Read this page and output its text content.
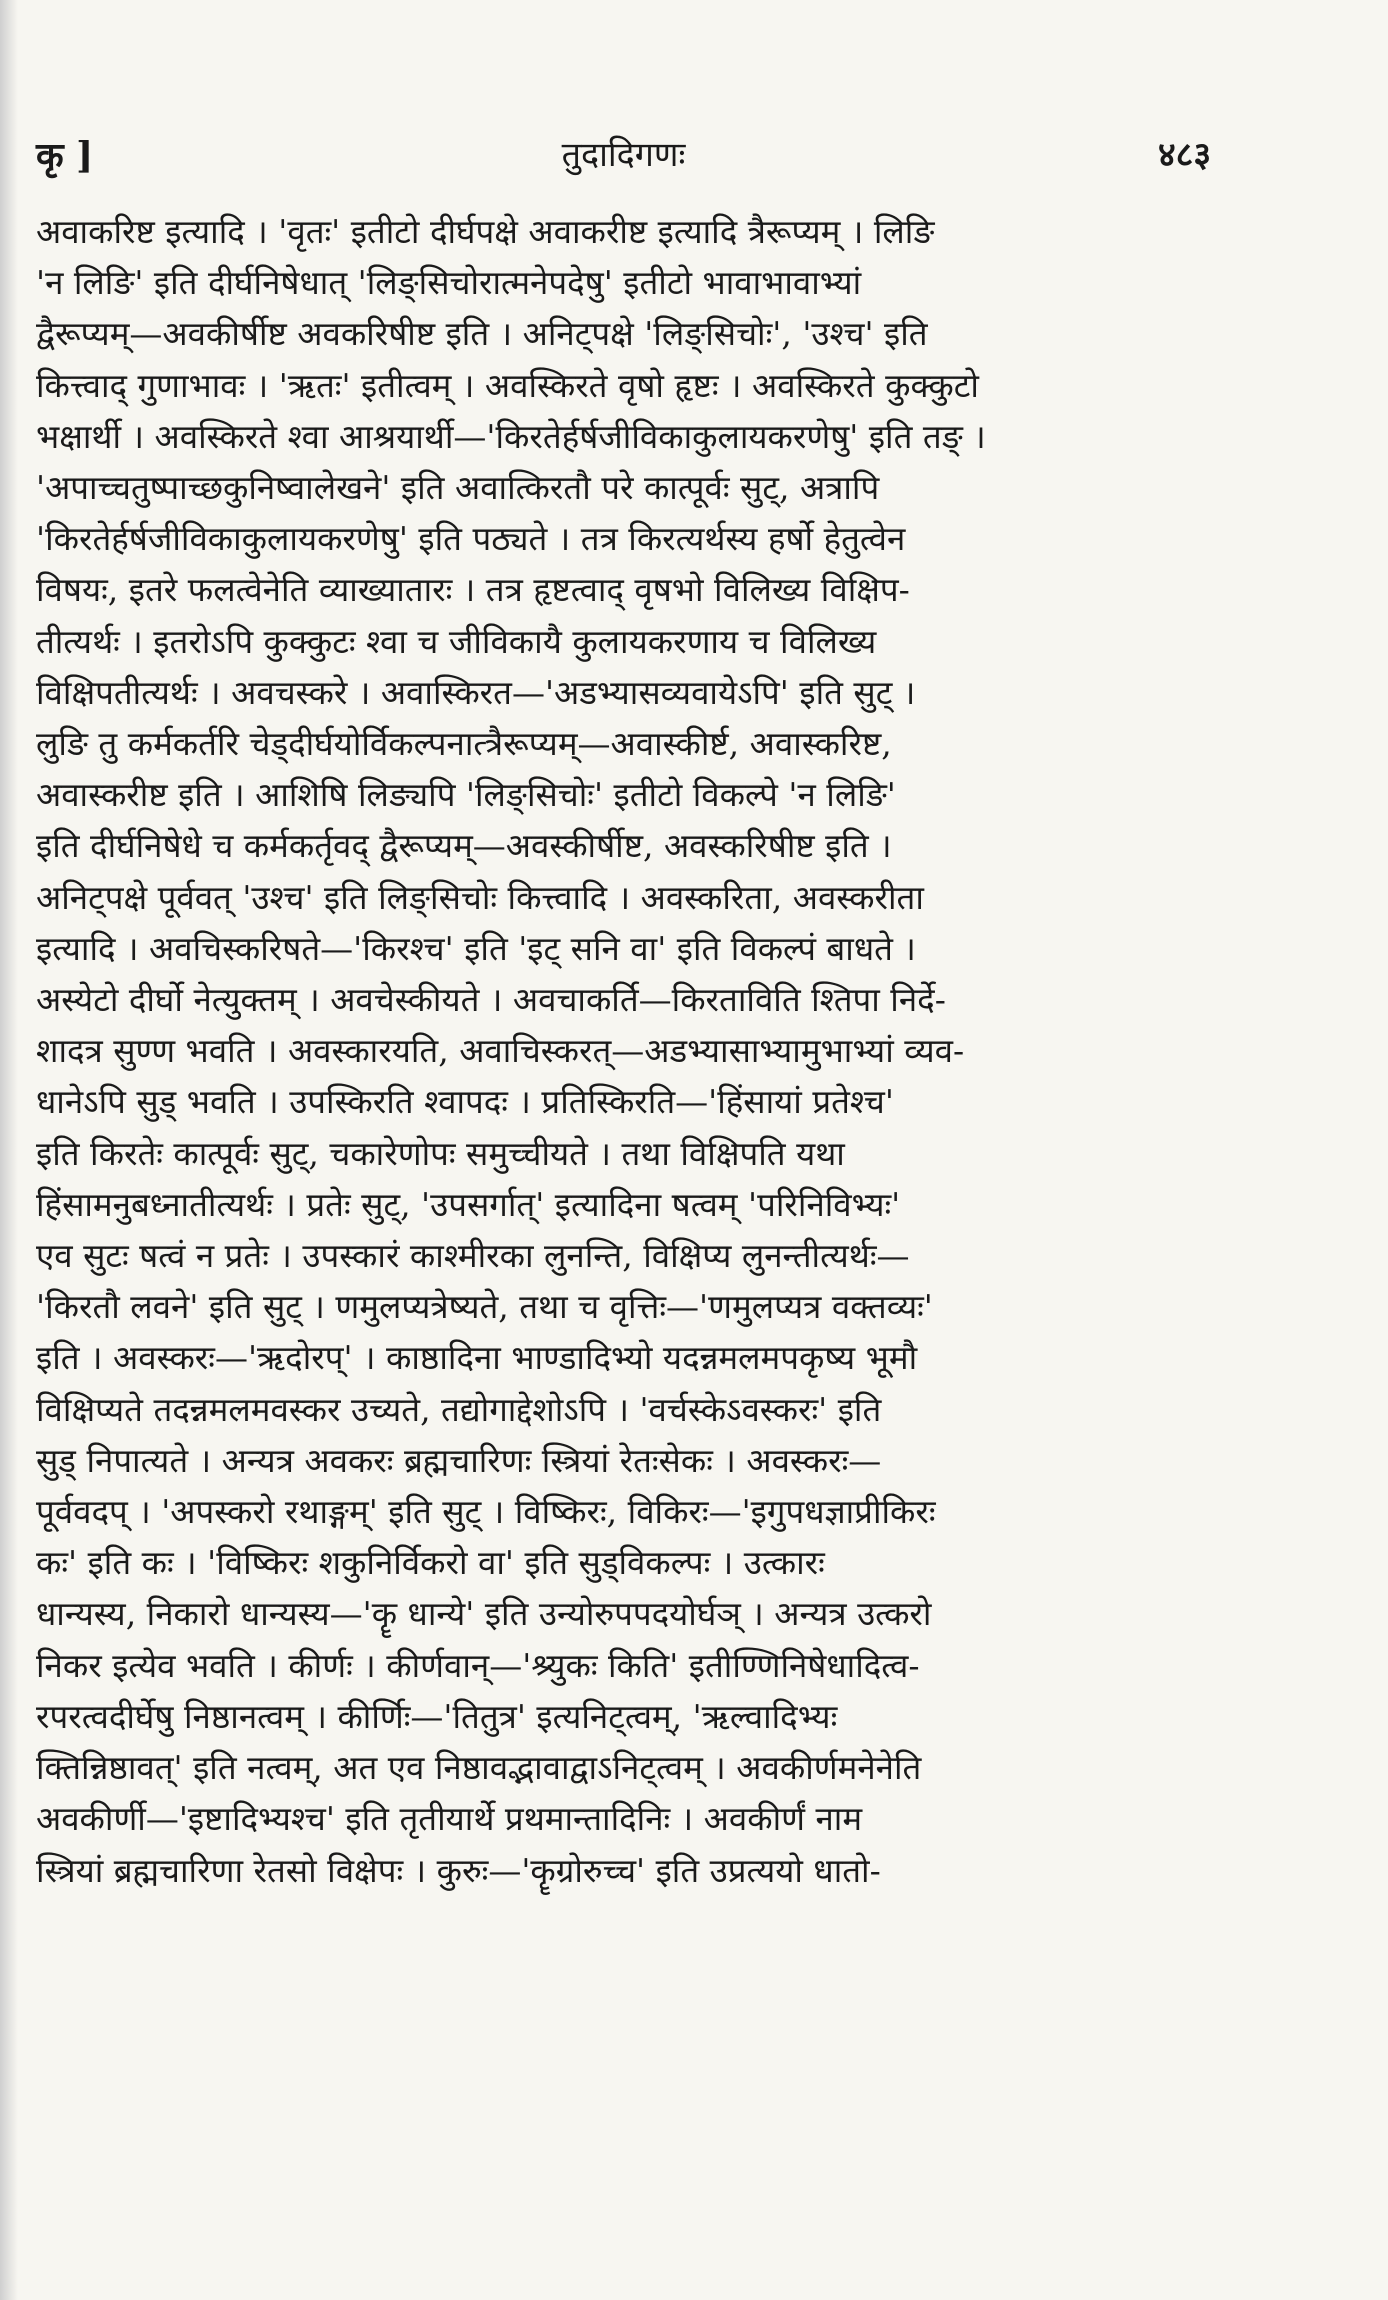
कृ ]	तुदादिगणः	४८३
अवाकरिष्ट इत्यादि । 'वृतः' इतीटो दीर्घपक्षे अवाकरीष्ट इत्यादि त्रैरूप्यम् । लिङि
'न लिङि' इति दीर्घनिषेधात् 'लिङ्सिचोरात्मनेपदेषु' इतीटो भावाभावाभ्यां
द्वैरूप्यम्—अवकीर्षीष्ट अवकरिषीष्ट इति । अनिट्पक्षे 'लिङ्सिचोः', 'उश्च' इति
कित्त्वाद् गुणाभावः । 'ऋतः' इतीत्वम् । अवस्किरते वृषो हृष्टः । अवस्किरते कुक्कुटो
भक्षार्थी । अवस्किरते श्वा आश्रयार्थी—'किरतेर्हर्षजीविकाकुलायकरणेषु' इति तङ् ।
'अपाच्चतुष्पाच्छकुनिष्वालेखने' इति अवात्किरतौ परे कात्पूर्वः सुट्, अत्रापि
'किरतेर्हर्षजीविकाकुलायकरणेषु' इति पठ्यते । तत्र किरत्यर्थस्य हर्षो हेतुत्वेन
विषयः, इतरे फलत्वेनेति व्याख्यातारः । तत्र हृष्टत्वाद् वृषभो विलिख्य विक्षिप-
तीत्यर्थः । इतरोऽपि कुक्कुटः श्वा च जीविकायै कुलायकरणाय च विलिख्य
विक्षिपतीत्यर्थः । अवचस्करे । अवास्किरत—'अडभ्यासव्यवायेऽपि' इति सुट् ।
लुङि तु कर्मकर्तरि चेड्दीर्घयोर्विकल्पनात्त्रैरूप्यम्—अवास्कीर्ष्ट, अवास्करिष्ट,
अवास्करीष्ट इति । आशिषि लिङ्यपि 'लिङ्सिचोः' इतीटो विकल्पे 'न लिङि'
इति दीर्घनिषेधे च कर्मकर्तृवद् द्वैरूप्यम्—अवस्कीर्षीष्ट, अवस्करिषीष्ट इति ।
अनिट्पक्षे पूर्ववत् 'उश्च' इति लिङ्सिचोः कित्त्वादि । अवस्करिता, अवस्करीता
इत्यादि । अवचिस्करिषते—'किरश्च' इति 'इट् सनि वा' इति विकल्पं बाधते ।
अस्येटो दीर्घो नेत्युक्तम् । अवचेस्कीयते । अवचाकर्ति—किरताविति श्तिपा निर्दे-
शादत्र सुण्ण भवति । अवस्कारयति, अवाचिस्करत्—अडभ्यासाभ्यामुभाभ्यां व्यव-
धानेऽपि सुड् भवति । उपस्किरति श्वापदः । प्रतिस्किरति—'हिंसायां प्रतेश्च'
इति किरतेः कात्पूर्वः सुट्, चकारेणोपः समुच्चीयते । तथा विक्षिपति यथा
हिंसामनुबध्नातीत्यर्थः । प्रतेः सुट्, 'उपसर्गात्' इत्यादिना षत्वम् 'परिनिविभ्यः'
एव सुटः षत्वं न प्रतेः । उपस्कारं काश्मीरका लुनन्ति, विक्षिप्य लुनन्तीत्यर्थः—
'किरतौ लवने' इति सुट् । णमुलप्यत्रेष्यते, तथा च वृत्तिः—'णमुलप्यत्र वक्तव्यः'
इति । अवस्करः—'ऋदोरप्' । काष्ठादिना भाण्डादिभ्यो यदन्नमलमपकृष्य भूमौ
विक्षिप्यते तदन्नमलमवस्कर उच्यते, तद्योगाद्देशोऽपि । 'वर्चस्केऽवस्करः' इति
सुड् निपात्यते । अन्यत्र अवकरः ब्रह्मचारिणः स्त्रियां रेतःसेकः । अवस्करः—
पूर्ववदप् । 'अपस्करो रथाङ्गम्' इति सुट् । विष्किरः, विकिरः—'इगुपधज्ञाप्रीकिरः
कः' इति कः । 'विष्किरः शकुनिर्विकरो वा' इति सुड्विकल्पः । उत्कारः
धान्यस्य, निकारो धान्यस्य—'कॄ धान्ये' इति उन्योरुपपदयोर्घञ् । अन्यत्र उत्करो
निकर इत्येव भवति । कीर्णः । कीर्णवान्—'श्र्युकः किति' इतीण्णिनिषेधादित्व-
रपरत्वदीर्घेषु निष्ठानत्वम् । कीर्णिः—'तितुत्र' इत्यनिट्त्वम्, 'ऋल्वादिभ्यः
क्तिन्निष्ठावत्' इति नत्वम्, अत एव निष्ठावद्भावाद्वाऽनिट्त्वम् । अवकीर्णमनेनेति
अवकीर्णी—'इष्टादिभ्यश्च' इति तृतीयार्थे प्रथमान्तादिनिः । अवकीर्णं नाम
स्त्रियां ब्रह्मचारिणा रेतसो विक्षेपः । कुरुः—'कॄग्रोरुच्च' इति उप्रत्ययो धातो-
